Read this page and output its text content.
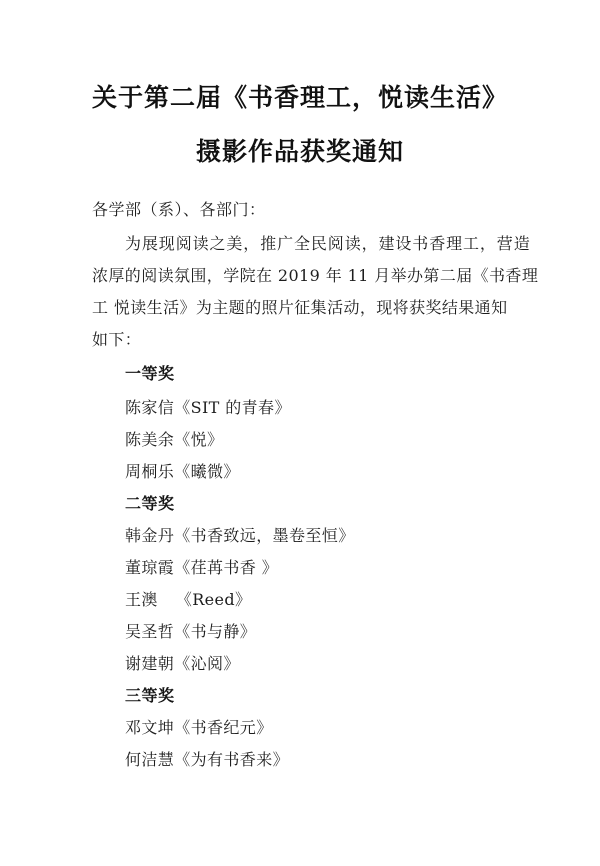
关于第二届《书香理工，悦读生活》
摄影作品获奖通知
各学部（系）、各部门：
为展现阅读之美，推广全民阅读，建设书香理工，营造
浓厚的阅读氛围，学院在 2019 年 11 月举办第二届《书香理
工 悦读生活》为主题的照片征集活动，现将获奖结果通知
如下：
一等奖
陈家信《SIT 的青春》
陈美余《悦》
周桐乐《曦微》
二等奖
韩金丹《书香致远，墨卷至恒》
董琼霞《荏苒书香 》
王澳 《Reed》
吴圣哲《书与静》
谢建朝《沁阅》
三等奖
邓文坤《书香纪元》
何洁慧《为有书香来》
